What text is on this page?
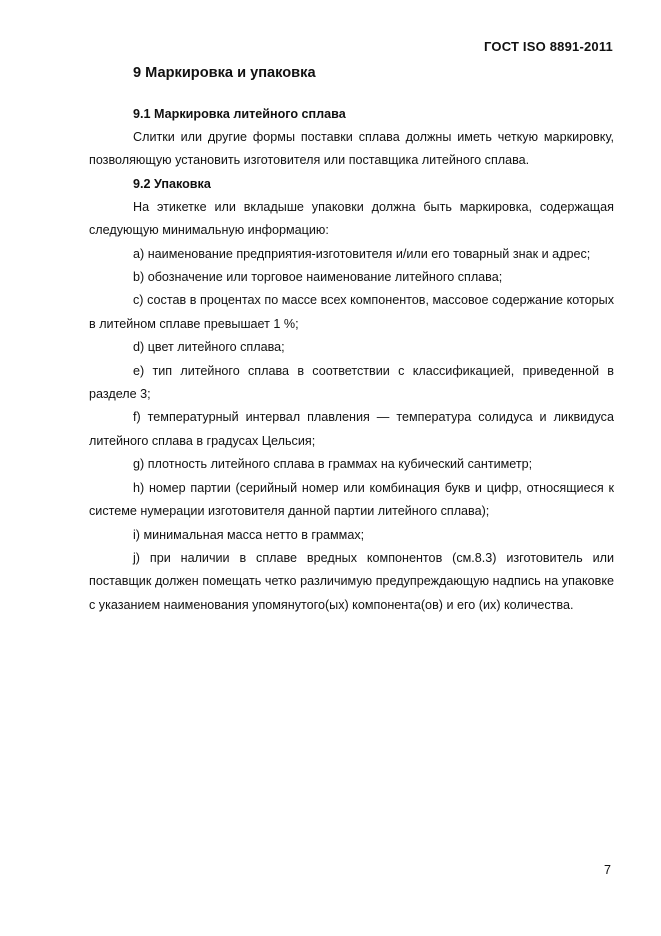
ГОСТ ISO 8891-2011
9 Маркировка и упаковка
9.1 Маркировка литейного сплава

Слитки или другие формы поставки сплава должны иметь четкую маркировку, позволяющую установить изготовителя или поставщика литейного сплава.

9.2 Упаковка

На этикетке или вкладыше упаковки должна быть маркировка, содержащая следующую минимальную информацию:

а) наименование предприятия-изготовителя и/или его товарный знак и адрес;

b) обозначение или торговое наименование литейного сплава;

c) состав в процентах по массе всех компонентов, массовое содержание которых в литейном сплаве превышает 1 %;

d) цвет литейного сплава;

е) тип литейного сплава в соответствии с классификацией, приведенной в разделе 3;

f) температурный интервал плавления — температура солидуса и ликвидуса литейного сплава в градусах Цельсия;

g) плотность литейного сплава в граммах на кубический сантиметр;

h) номер партии (серийный номер или комбинация букв и цифр, относящиеся к системе нумерации изготовителя данной партии литейного сплава);

i) минимальная масса нетто в граммах;

j) при наличии в сплаве вредных компонентов (см.8.3) изготовитель или поставщик должен помещать четко различимую предупреждающую надпись на упаковке с указанием наименования упомянутого(ых) компонента(ов) и его (их) количества.

7
